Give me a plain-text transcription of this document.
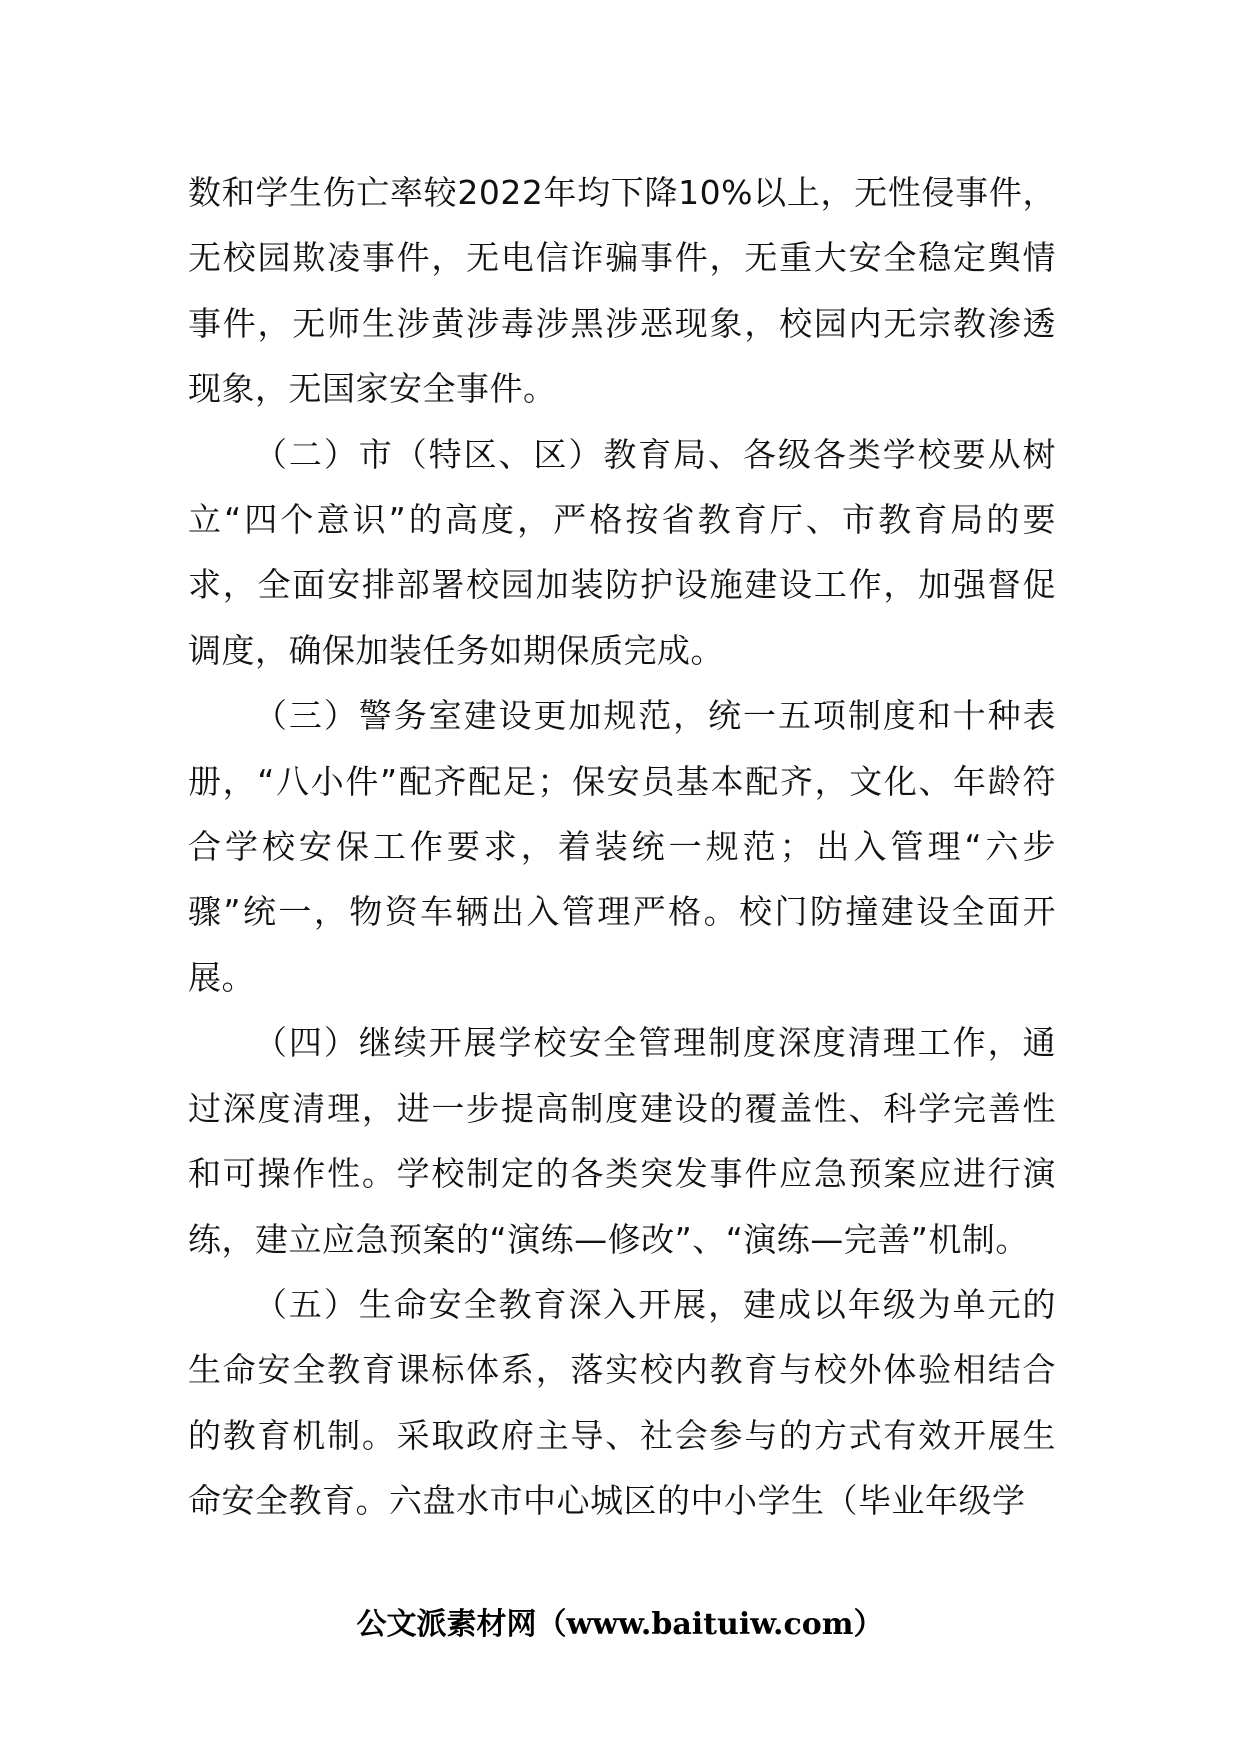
数和学生伤亡率较2022年均下降10%以上，无性侵事件，无校园欺凌事件，无电信诈骗事件，无重大安全稳定舆情事件，无师生涉黄涉毒涉黑涉恶现象，校园内无宗教渗透现象，无国家安全事件。

（二）市（特区、区）教育局、各级各类学校要从树立“四个意识”的高度，严格按省教育厅、市教育局的要求，全面安排部署校园加装防护设施建设工作，加强督促调度，确保加装任务如期保质完成。

（三）警务室建设更加规范，统一五项制度和十种表册，“八小件”配齐配足；保安员基本配齐，文化、年龄符合学校安保工作要求，着装统一规范；出入管理“六步骤”统一，物资车辆出入管理严格。校门防撞建设全面开展。

（四）继续开展学校安全管理制度深度清理工作，通过深度清理，进一步提高制度建设的覆盖性、科学完善性和可操作性。学校制定的各类突发事件应急预案应进行演练，建立应急预案的“演练—修改”、“演练—完善”机制。

（五）生命安全教育深入开展，建成以年级为单元的生命安全教育课标体系，落实校内教育与校外体验相结合的教育机制。采取政府主导、社会参与的方式有效开展生命安全教育。六盘水市中心城区的中小学生（毕业年级学

公文派素材网（www.baituiw.com）
